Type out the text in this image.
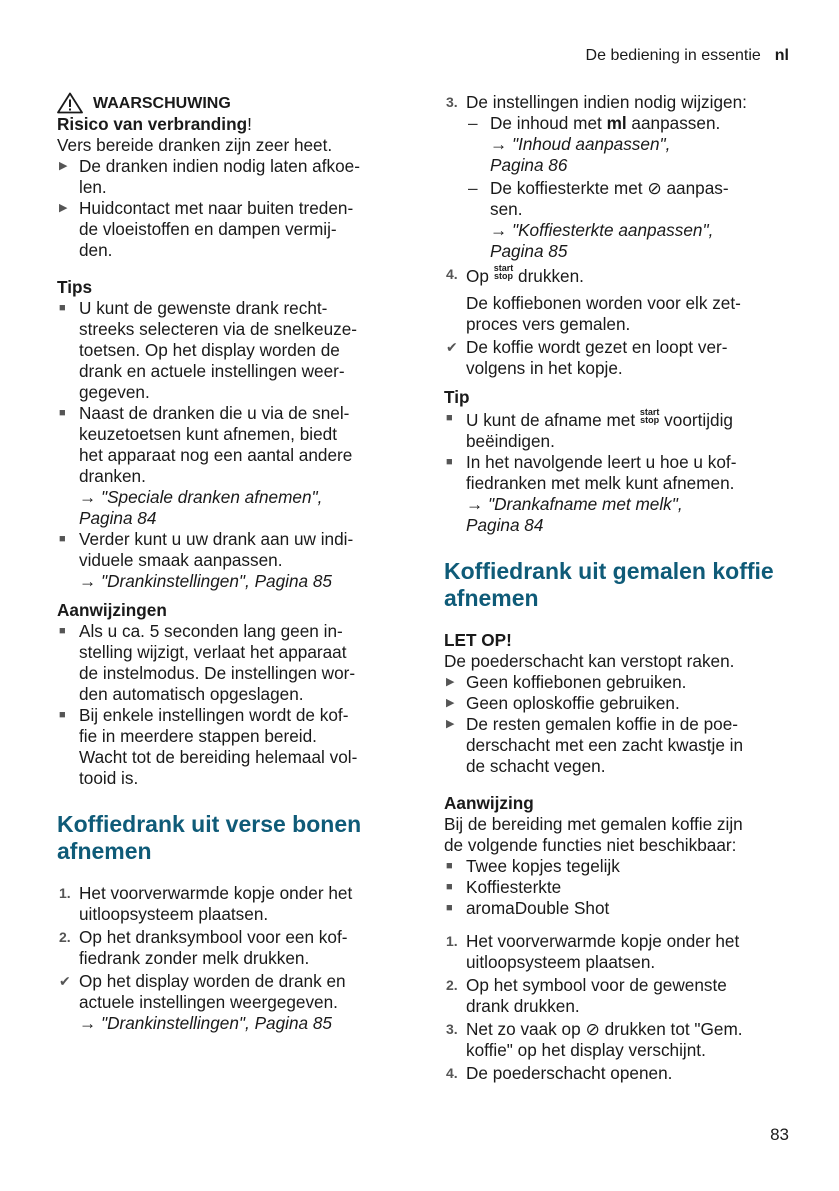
De bediening in essentie nl
WAARSCHUWING
Risico van verbranding!
Vers bereide dranken zijn zeer heet.
▶ De dranken indien nodig laten afkoe-
len.
▶ Huidcontact met naar buiten treden-
de vloeistoffen en dampen vermij-
den.
Tips
■ U kunt de gewenste drank recht-
streeks selecteren via de snelkeuze-
toetsen. Op het display worden de
drank en actuele instellingen weer-
gegeven.
■ Naast de dranken die u via de snel-
keuzetoetsen kunt afnemen, biedt
het apparaat nog een aantal andere
dranken.
→ "Speciale dranken afnemen",
Pagina 84
■ Verder kunt u uw drank aan uw indi-
viduele smaak aanpassen.
→ "Drankinstellingen", Pagina 85
Aanwijzingen
■ Als u ca. 5 seconden lang geen in-
stelling wijzigt, verlaat het apparaat
de instelmodus. De instellingen wor-
den automatisch opgeslagen.
■ Bij enkele instellingen wordt de kof-
fie in meerdere stappen bereid.
Wacht tot de bereiding helemaal vol-
tooid is.
Koffiedrank uit verse bonen
afnemen
1. Het voorverwarmde kopje onder het
uitloopsysteem plaatsen.
2. Op het dranksymbool voor een kof-
fiedrank zonder melk drukken.
✔ Op het display worden de drank en
actuele instellingen weergegeven.
→ "Drankinstellingen", Pagina 85
3. De instellingen indien nodig wijzigen:
– De inhoud met ml aanpassen.
→ "Inhoud aanpassen",
Pagina 86
– De koffiesterkte met ⊘ aanpas-
sen.
→ "Koffiesterkte aanpassen",
Pagina 85
4. Op start
stop drukken.
De koffiebonen worden voor elk zet-
proces vers gemalen.
✔ De koffie wordt gezet en loopt ver-
volgens in het kopje.
Tip
■ U kunt de afname met start
stop voortijdig
beëindigen.
■ In het navolgende leert u hoe u kof-
fiedranken met melk kunt afnemen.
→ "Drankafname met melk",
Pagina 84
Koffiedrank uit gemalen koffie
afnemen
LET OP!
De poederschacht kan verstopt raken.
▶ Geen koffiebonen gebruiken.
▶ Geen oploskoffie gebruiken.
▶ De resten gemalen koffie in de poe-
derschacht met een zacht kwastje in
de schacht vegen.
Aanwijzing
Bij de bereiding met gemalen koffie zijn
de volgende functies niet beschikbaar:
■ Twee kopjes tegelijk
■ Koffiesterkte
■ aromaDouble Shot
1. Het voorverwarmde kopje onder het
uitloopsysteem plaatsen.
2. Op het symbool voor de gewenste
drank drukken.
3. Net zo vaak op ⊘ drukken tot "Gem.
koffie" op het display verschijnt.
4. De poederschacht openen.
83
